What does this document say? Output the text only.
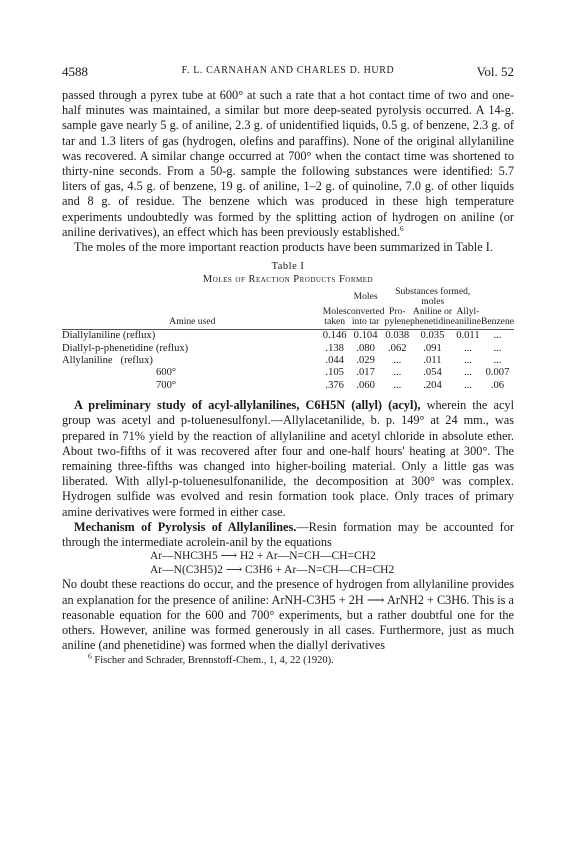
4588	F. L. CARNAHAN AND CHARLES D. HURD	Vol. 52

passed through a pyrex tube at 600° at such a rate that a hot contact time of two and one-half minutes was maintained, a similar but more deep-seated pyrolysis occurred. A 14-g. sample gave nearly 5 g. of aniline, 2.3 g. of unidentified liquids, 0.5 g. of benzene, 2.3 g. of tar and 1.3 liters of gas (hydrogen, olefins and paraffins). None of the original allylaniline was recovered. A similar change occurred at 700° when the contact time was shortened to thirty-nine seconds. From a 50-g. sample the following substances were identified: 5.7 liters of gas, 4.5 g. of benzene, 19 g. of aniline, 1–2 g. of quinoline, 7.0 g. of other liquids and 8 g. of residue. The benzene which was produced in these high temperature experiments undoubtedly was formed by the splitting action of hydrogen on aniline (or aniline derivatives), an effect which has been previously established.$^6$

The moles of the more important reaction products have been summarized in Table I.

Table I
Moles of Reaction Products Formed
		Moles	Substances formed, moles			
	Moles	converted	Pro-	Aniline or	Allyl-	
Amine used	taken	into tar	pylene	phenetidine	aniline	Benzene
Diallylaniline (reflux)	0.146	0.104	0.038	0.035	0.011	...
Diallyl-p-phenetidine (reflux)	.138	.080	.062	.091	...	...
Allylaniline   (reflux)	.044	.029	...	.011	...	...
600°	.105	.017	...	.054	...	0.007
700°	.376	.060	...	.204	...	.06

A preliminary study of acyl-allylanilines, C6H5N (allyl) (acyl), wherein the acyl group was acetyl and p-toluenesulfonyl.—Allylacetanilide, b. p. 149° at 24 mm., was prepared in 71% yield by the reaction of allylaniline and acetyl chloride in absolute ether. About two-fifths of it was recovered after four and one-half hours' heating at 300°. The remaining three-fifths was changed into higher-boiling material. Only a little gas was liberated. With allyl-p-toluenesulfonanilide, the decomposition at 300° was complex. Hydrogen sulfide was evolved and resin formation took place. Only traces of primary amine derivatives were formed in either case.

Mechanism of Pyrolysis of Allylanilines.—Resin formation may be accounted for through the intermediate acrolein-anil by the equations

Ar—NHC3H5 ⟶ H2 + Ar—N=CH—CH=CH2
Ar—N(C3H5)2 ⟶ C3H6 + Ar—N=CH—CH=CH2

No doubt these reactions do occur, and the presence of hydrogen from allylaniline provides an explanation for the presence of aniline: ArNH-C3H5 + 2H ⟶ ArNH2 + C3H6. This is a reasonable equation for the 600 and 700° experiments, but a rather doubtful one for the others. However, aniline was formed generously in all cases. Furthermore, just as much aniline (and phenetidine) was formed when the diallyl derivatives

$^6$ Fischer and Schrader, Brennstoff-Chem., 1, 4, 22 (1920).
